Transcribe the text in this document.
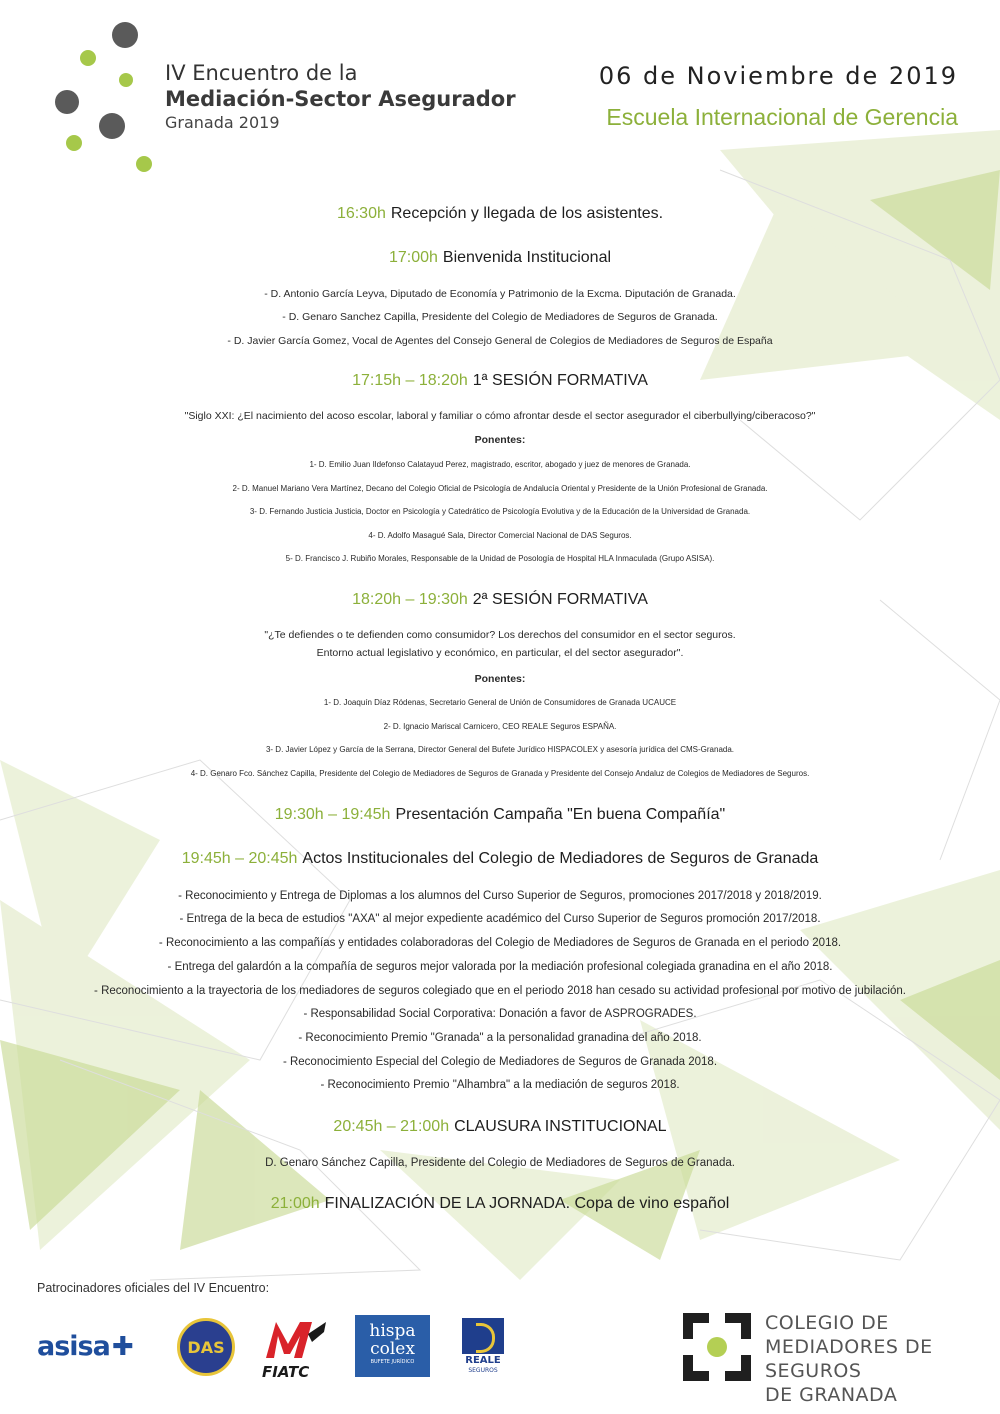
IV Encuentro de la
Mediación-Sector Asegurador
Granada 2019
06 de Noviembre de 2019
Escuela Internacional de Gerencia
16:30h Recepción y llegada de los asistentes.
17:00h Bienvenida Institucional
- D. Antonio García Leyva, Diputado de Economía y Patrimonio de la Excma. Diputación de Granada.
- D. Genaro Sanchez Capilla, Presidente del Colegio de Mediadores de Seguros de Granada.
- D. Javier García Gomez, Vocal de Agentes del Consejo General de Colegios de Mediadores de Seguros de España
17:15h – 18:20h 1ª SESIÓN FORMATIVA
"Siglo XXI: ¿El nacimiento del acoso escolar, laboral y familiar o cómo afrontar desde el sector asegurador el ciberbullying/ciberacoso?"
Ponentes:
1- D. Emilio Juan Ildefonso Calatayud Perez, magistrado, escritor, abogado y juez de menores de Granada.
2- D. Manuel Mariano Vera Martínez, Decano del Colegio Oficial de Psicología de Andalucía Oriental y Presidente de la Unión Profesional de Granada.
3- D. Fernando Justicia Justicia, Doctor en Psicología y Catedrático de Psicología Evolutiva y de la Educación de la Universidad de Granada.
4- D. Adolfo Masagué Sala, Director Comercial Nacional de DAS Seguros.
5- D. Francisco J. Rubiño Morales, Responsable de la Unidad de Posología de Hospital HLA Inmaculada (Grupo ASISA).
18:20h – 19:30h 2ª SESIÓN FORMATIVA
"¿Te defiendes o te defienden como consumidor? Los derechos del consumidor en el sector seguros.
Entorno actual legislativo y económico, en particular, el del sector asegurador".
Ponentes:
1- D. Joaquín Díaz Ródenas, Secretario General de Unión de Consumidores de Granada UCAUCE
2- D. Ignacio Mariscal Carnicero, CEO REALE Seguros ESPAÑA.
3- D. Javier López y García de la Serrana, Director General del Bufete Jurídico HISPACOLEX y asesoría jurídica del CMS-Granada.
4- D. Genaro Fco. Sánchez Capilla, Presidente del Colegio de Mediadores de Seguros de Granada y Presidente del Consejo Andaluz de Colegios de Mediadores de Seguros.
19:30h – 19:45h Presentación Campaña "En buena Compañía"
19:45h – 20:45h Actos Institucionales del Colegio de Mediadores de Seguros de Granada
- Reconocimiento y Entrega de Diplomas a los alumnos del Curso Superior de Seguros, promociones 2017/2018 y 2018/2019.
- Entrega de la beca de estudios "AXA" al mejor expediente académico del Curso Superior de Seguros promoción 2017/2018.
- Reconocimiento a las compañías y entidades colaboradoras del Colegio de Mediadores de Seguros de Granada en el periodo 2018.
- Entrega del galardón a la compañía de seguros mejor valorada por la mediación profesional colegiada granadina en el año 2018.
- Reconocimiento a la trayectoria de los mediadores de seguros colegiado que en el periodo 2018 han cesado su actividad profesional por motivo de jubilación.
- Responsabilidad Social Corporativa: Donación a favor de ASPROGRADES.
- Reconocimiento Premio "Granada" a la personalidad granadina del año 2018.
- Reconocimiento Especial del Colegio de Mediadores de Seguros de Granada 2018.
- Reconocimiento Premio "Alhambra" a la mediación de seguros 2018.
20:45h – 21:00h CLAUSURA INSTITUCIONAL
D. Genaro Sánchez Capilla, Presidente del Colegio de Mediadores de Seguros de Granada.
21:00h FINALIZACIÓN DE LA JORNADA. Copa de vino español
Patrocinadores oficiales del IV Encuentro:
asisa✚	DAS
FIATC
hispa
colex
BUFETE JURÍDICO	REALE
SEGUROS
COLEGIO DE
MEDIADORES DE SEGUROS
DE GRANADA
